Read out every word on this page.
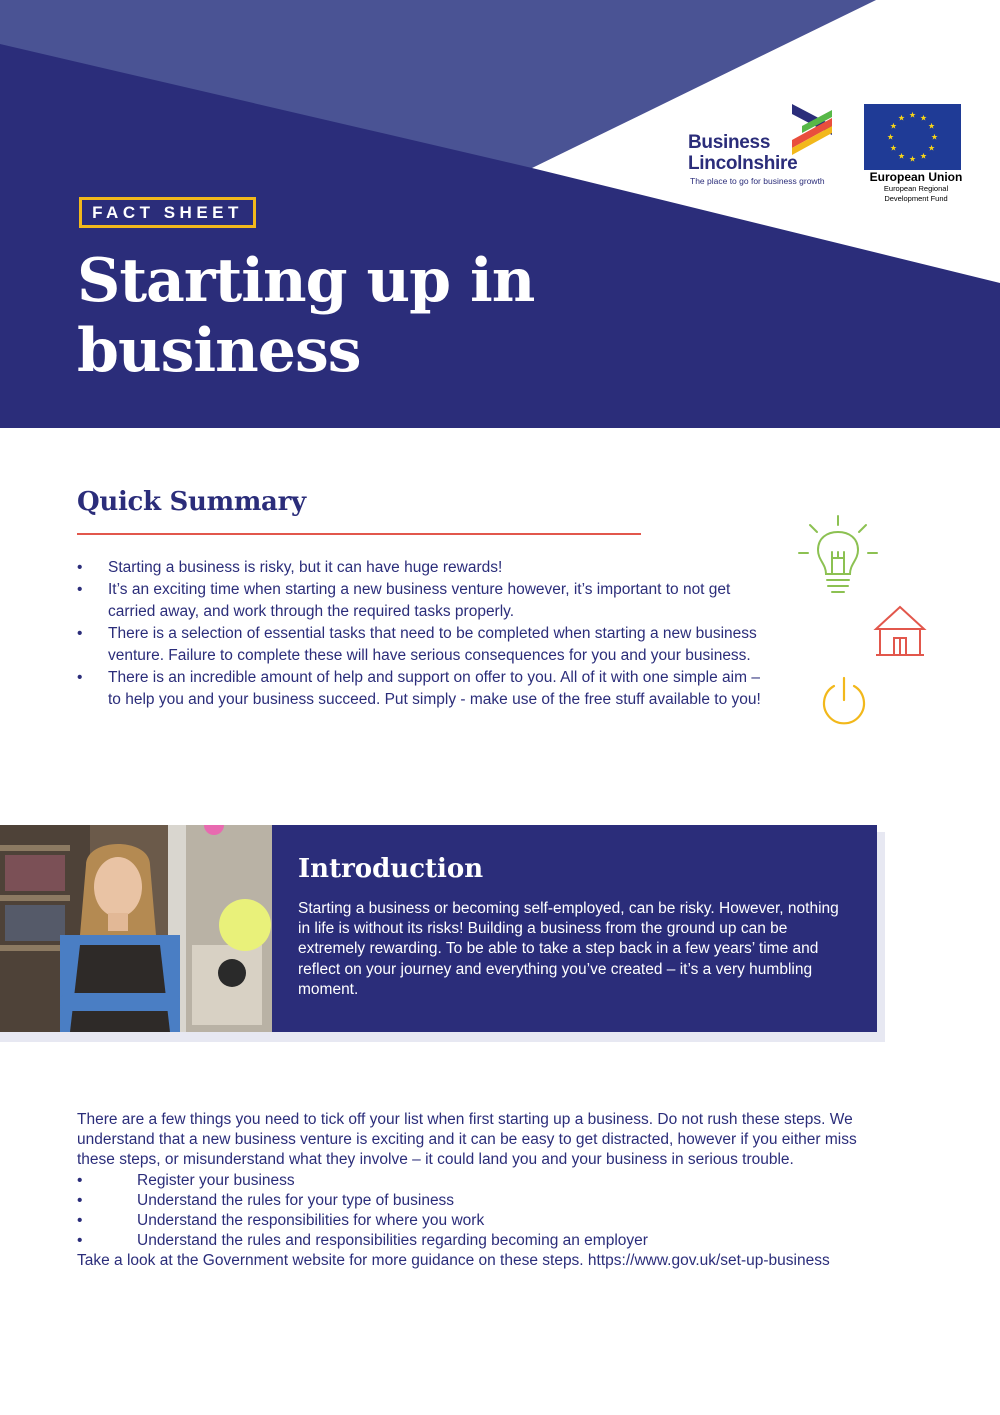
FACT SHEET
Starting up in business
Business
Lincolnshire
The place to go for business growth	European Union
European Regional
Development Fund
Quick Summary
• Starting a business is risky, but it can have huge rewards!
• It’s an exciting time when starting a new business venture however, it’s important to not get carried away, and work through the required tasks properly.
• There is a selection of essential tasks that need to be completed when starting a new business venture. Failure to complete these will have serious consequences for you and your business.
• There is an incredible amount of help and support on offer to you. All of it with one simple aim – to help you and your business succeed. Put simply - make use of the free stuff available to you!
Introduction

Starting a business or becoming self-employed, can be risky. However, nothing in life is without its risks! Building a business from the ground up can be extremely rewarding. To be able to take a step back in a few years’ time and reflect on your journey and everything you’ve created – it’s a very humbling moment.

There are a few things you need to tick off your list when first starting up a business. Do not rush these steps. We understand that a new business venture is exciting and it can be easy to get distracted, however if you either miss these steps, or misunderstand what they involve – it could land you and your business in serious trouble.

• Register your business
• Understand the rules for your type of business
• Understand the responsibilities for where you work
• Understand the rules and responsibilities regarding becoming an employer

Take a look at the Government website for more guidance on these steps. https://www.gov.uk/set-up-business
